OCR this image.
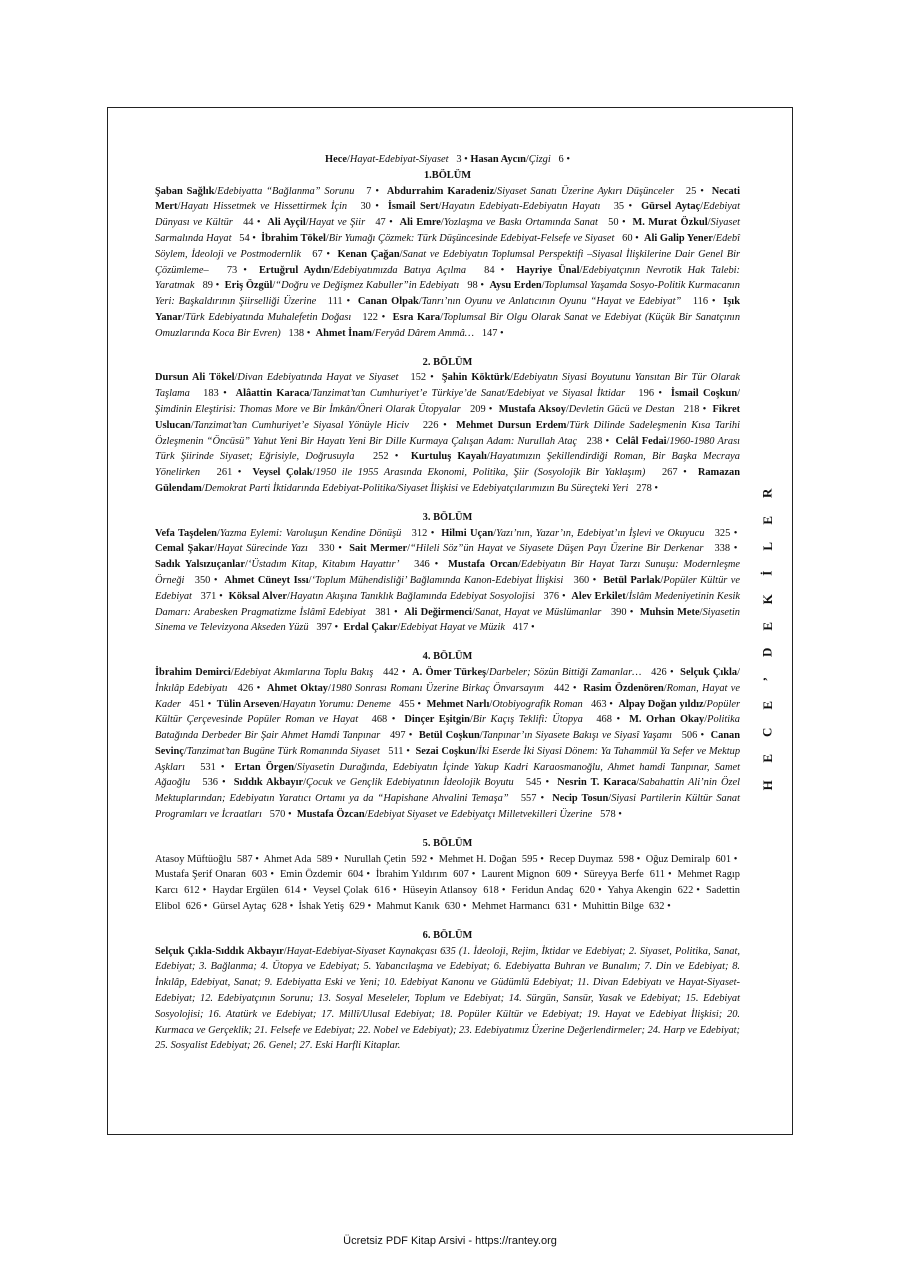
Hece/Hayat-Edebiyat-Siyaset 3 • Hasan Aycın/Çizgi 6 •

1.BÖLÜM

Şaban Sağlık/Edebiyatta “Bağlanma” Sorunu 7 •  Abdurrahim Karadeniz/Siyaset Sanatı Üzerine Aykırı Düşünceler 25 •  Necati Mert/Hayatı Hissetmek ve Hissettirmek İçin 30 •  İsmail Sert/Hayatın Edebiyatı-Edebiyatın Hayatı 35 •  Gürsel Aytaç/Edebiyat Dünyası ve Kültür 44 •  Ali Ayçil/Hayat ve Şiir 47 •  Ali Emre/Yozlaşma ve Baskı Ortamında Sanat 50 •  M. Murat Özkul/Siyaset Sarmalında Hayat 54 •  İbrahim Tökel/Bir Yumağı Çözmek: Türk Düşüncesinde Edebiyat-Felsefe ve Siyaset 60 •  Ali Galip Yener/Edebî Söylem, İdeoloji ve Postmodernlik 67 •  Kenan Çağan/Sanat ve Edebiyatın Toplumsal Perspektifi –Siyasal İlişkilerine Dair Genel Bir Çözümleme– 73 •  Ertuğrul Aydın/Edebiyatımızda Batıya Açılma 84 •  Hayriye Ünal/Edebiyatçının Nevrotik Hak Talebi: Yaratmak 89 •  Eriş Özgül/“Doğru ve Değişmez Kabuller”in Edebiyatı 98 •  Aysu Erden/Toplumsal Yaşamda Sosyo-Politik Kurmacanın Yeri: Başkaldırının Şiirselliği Üzerine 111 •  Canan Olpak/Tanrı’nın Oyunu ve Anlatıcının Oyunu “Hayat ve Edebiyat” 116 •  Işık Yanar/Türk Edebiyatında Muhalefetin Doğası 122 •  Esra Kara/Toplumsal Bir Olgu Olarak Sanat ve Edebiyat (Küçük Bir Sanatçının Omuzlarında Koca Bir Evren) 138 •  Ahmet İnam/Feryâd Dârem Ammâ… 147 •

2. BÖLÜM

Dursun Ali Tökel/Divan Edebiyatında Hayat ve Siyaset 152 •  Şahin Köktürk/Edebiyatın Siyasi Boyutunu Yansıtan Bir Tür Olarak Taşlama 183 •  Alâattin Karaca/Tanzimat’tan Cumhuriyet’e Türkiye’de Sanat/Edebiyat ve Siyasal İktidar 196 •  İsmail Coşkun/Şimdinin Eleştirisi: Thomas More ve Bir İmkân/Öneri Olarak Ütopyalar 209 •  Mustafa Aksoy/Devletin Gücü ve Destan 218 •  Fikret Uslucan/Tanzimat’tan Cumhuriyet’e Siyasal Yönüyle Hiciv 226 •  Mehmet Dursun Erdem/Türk Dilinde Sadeleşmenin Kısa Tarihi Özleşmenin “Öncüsü” Yahut Yeni Bir Hayatı Yeni Bir Dille Kurmaya Çalışan Adam: Nurullah Ataç 238 •  Celâl Fedai/1960-1980 Arası Türk Şiirinde Siyaset; Eğrisiyle, Doğrusuyla 252 •  Kurtuluş Kayalı/Hayatımızın Şekillendirdiği Roman, Bir Başka Mecraya Yönelirken 261 •  Veysel Çolak/1950 ile 1955 Arasında Ekonomi, Politika, Şiir (Sosyolojik Bir Yaklaşım) 267 •  Ramazan Gülendam/Demokrat Parti İktidarında Edebiyat-Politika/Siyaset İlişkisi ve Edebiyatçılarımızın Bu Süreçteki Yeri 278 •

3. BÖLÜM

Vefa Taşdelen/Yazma Eylemi: Varoluşun Kendine Dönüşü 312 •  Hilmi Uçan/Yazı’nın, Yazar’ın, Edebiyat’ın İşlevi ve Okuyucu 325 •  Cemal Şakar/Hayat Sürecinde Yazı 330 •  Sait Mermer/“Hileli Söz”ün Hayat ve Siyasete Düşen Payı Üzerine Bir Derkenar 338 •  Sadık Yalsızuçanlar/‘Üstadım Kitap, Kitabım Hayattır’ 346 •  Mustafa Orcan/Edebiyatın Bir Hayat Tarzı Sunuşu: Modernleşme Örneği 350 •  Ahmet Cüneyt Issı/‘Toplum Mühendisliği’ Bağlamında Kanon-Edebiyat İlişkisi 360 •  Betül Parlak/Popüler Kültür ve Edebiyat 371 •  Köksal Alver/Hayatın Akışına Tanıklık Bağlamında Edebiyat Sosyolojisi 376 •  Alev Erkilet/İslâm Medeniyetinin Kesik Damarı: Arabesken Pragmatizme İslâmî Edebiyat 381 •  Ali Değirmenci/Sanat, Hayat ve Müslümanlar 390 •  Muhsin Mete/Siyasetin Sinema ve Televizyona Akseden Yüzü 397 •  Erdal Çakır/Edebiyat Hayat ve Müzik 417 •

4. BÖLÜM

İbrahim Demirci/Edebiyat Akımlarına Toplu Bakış 442 •  A. Ömer Türkeş/Darbeler; Sözün Bittiği Zamanlar… 426 •  Selçuk Çıkla/İnkılâp Edebiyatı 426 •  Ahmet Oktay/1980 Sonrası Romanı Üzerine Birkaç Önvarsayım 442 •  Rasim Özdenören/Roman, Hayat ve Kader 451 •  Tülin Arseven/Hayatın Yorumu: Deneme 455 •  Mehmet Narlı/Otobiyografik Roman 463 •  Alpay Doğan yıldız/Popüler Kültür Çerçevesinde Popüler Roman ve Hayat 468 •  Dinçer Eşitgin/Bir Kaçış Teklifi: Ütopya 468 •  M. Orhan Okay/Politika Batağında Derbeder Bir Şair Ahmet Hamdi Tanpınar 497 •  Betül Coşkun/Tanpınar’ın Siyasete Bakışı ve Siyasî Yaşamı 506 •  Canan Sevinç/Tanzimat’tan Bugüne Türk Romanında Siyaset 511 •  Sezai Coşkun/İki Eserde İki Siyasi Dönem: Ya Tahammül Ya Sefer ve Mektup Aşkları 531 •  Ertan Örgen/Siyasetin Durağında, Edebiyatın İçinde Yakup Kadri Karaosmanoğlu, Ahmet hamdi Tanpınar, Samet Ağaoğlu 536 •  Sıddık Akbayır/Çocuk ve Gençlik Edebiyatının İdeolojik Boyutu 545 •  Nesrin T. Karaca/Sabahattin Ali’nin Özel Mektuplarından; Edebiyatın Yaratıcı Ortamı ya da “Hapishane Ahvalini Temaşa” 557 •  Necip Tosun/Siyasi Partilerin Kültür Sanat Programları ve İcraatları 570 •  Mustafa Özcan/Edebiyat Siyaset ve Edebiyatçı Milletvekilleri Üzerine 578 •

5. BÖLÜM

Atasoy Müftüoğlu 587 •  Ahmet Ada 589 •  Nurullah Çetin 592 •  Mehmet H. Doğan 595 •  Recep Duymaz 598 •  Oğuz Demiralp 601 •  Mustafa Şerif Onaran 603 •  Emin Özdemir 604 •  İbrahim Yıldırım 607 •  Laurent Mignon 609 •  Süreyya Berfe 611 •  Mehmet Ragıp Karcı 612 •  Haydar Ergülen 614 •  Veysel Çolak 616 •  Hüseyin Atlansoy 618 •  Feridun Andaç 620 •  Yahya Akengin 622 •  Sadettin Elibol 626 •  Gürsel Aytaç 628 •  İshak Yetiş 629 •  Mahmut Kanık 630 •  Mehmet Harmancı 631 •  Muhittin Bilge 632 •

6. BÖLÜM

Selçuk Çıkla-Sıddık Akbayır/Hayat-Edebiyat-Siyaset Kaynakçası 635 (1. İdeoloji, Rejim, İktidar ve Edebiyat; 2. Siyaset, Politika, Sanat, Edebiyat; 3. Bağlanma; 4. Ütopya ve Edebiyat; 5. Yabancılaşma ve Edebiyat; 6. Edebiyatta Buhran ve Bunalım; 7. Din ve Edebiyat; 8. İnkılâp, Edebiyat, Sanat; 9. Edebiyatta Eski ve Yeni; 10. Edebiyat Kanonu ve Güdümlü Edebiyat; 11. Divan Edebiyatı ve Hayat-Siyaset-Edebiyat; 12. Edebiyatçının Sorunu; 13. Sosyal Meseleler, Toplum ve Edebiyat; 14. Sürgün, Sansür, Yasak ve Edebiyat; 15. Edebiyat Sosyolojisi; 16. Atatürk ve Edebiyat; 17. Millî/Ulusal Edebiyat; 18. Popüler Kültür ve Edebiyat; 19. Hayat ve Edebiyat İlişkisi; 20. Kurmaca ve Gerçeklik; 21. Felsefe ve Edebiyat; 22. Nobel ve Edebiyat); 23. Edebiyatımız Üzerine Değerlendirmeler; 24. Harp ve Edebiyat; 25. Sosyalist Edebiyat; 26. Genel; 27. Eski Harfli Kitaplar.

R
E
L
İ
K
E
D
’
E
C
E
H
Ücretsiz PDF Kitap Arsivi - https://rantey.org
